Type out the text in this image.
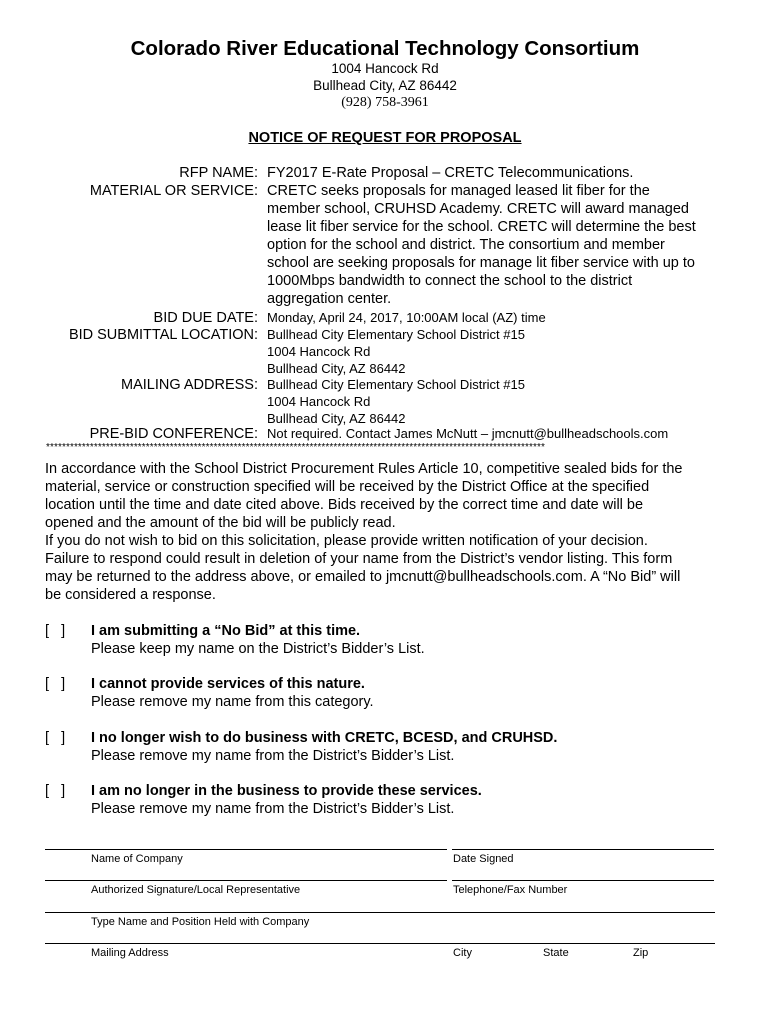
Colorado River Educational Technology Consortium
1004 Hancock Rd
Bullhead City, AZ 86442
(928) 758-3961
NOTICE OF REQUEST FOR PROPOSAL
RFP NAME: FY2017 E-Rate Proposal – CRETC Telecommunications.
MATERIAL OR SERVICE: CRETC seeks proposals for managed leased lit fiber for the
member school, CRUHSD Academy. CRETC will award managed
lease lit fiber service for the school. CRETC will determine the best
option for the school and district. The consortium and member
school are seeking proposals for manage lit fiber service with up to
1000Mbps bandwidth to connect the school to the district
aggregation center.
BID DUE DATE: Monday, April 24, 2017, 10:00AM local (AZ) time
BID SUBMITTAL LOCATION: Bullhead City Elementary School District #15
1004 Hancock Rd
Bullhead City, AZ 86442
MAILING ADDRESS: Bullhead City Elementary School District #15
1004 Hancock Rd
Bullhead City, AZ 86442
PRE-BID CONFERENCE: Not required. Contact James McNutt – jmcnutt@bullheadschools.com
*****************************************************************************************************************************
In accordance with the School District Procurement Rules Article 10, competitive sealed bids for the
material, service or construction specified will be received by the District Office at the specified
location until the time and date cited above. Bids received by the correct time and date will be
opened and the amount of the bid will be publicly read.
If you do not wish to bid on this solicitation, please provide written notification of your decision.
Failure to respond could result in deletion of your name from the District’s vendor listing. This form
may be returned to the address above, or emailed to jmcnutt@bullheadschools.com. A “No Bid” will
be considered a response.
[   ] I am submitting a “No Bid” at this time.
Please keep my name on the District’s Bidder’s List.
[   ] I cannot provide services of this nature.
Please remove my name from this category.
[   ] I no longer wish to do business with CRETC, BCESD, and CRUHSD.
Please remove my name from the District’s Bidder’s List.
[   ] I am no longer in the business to provide these services.
Please remove my name from the District’s Bidder’s List.
Name of Company	Date Signed
Authorized Signature/Local Representative	Telephone/Fax Number
Type Name and Position Held with Company
Mailing Address	City	State	Zip
